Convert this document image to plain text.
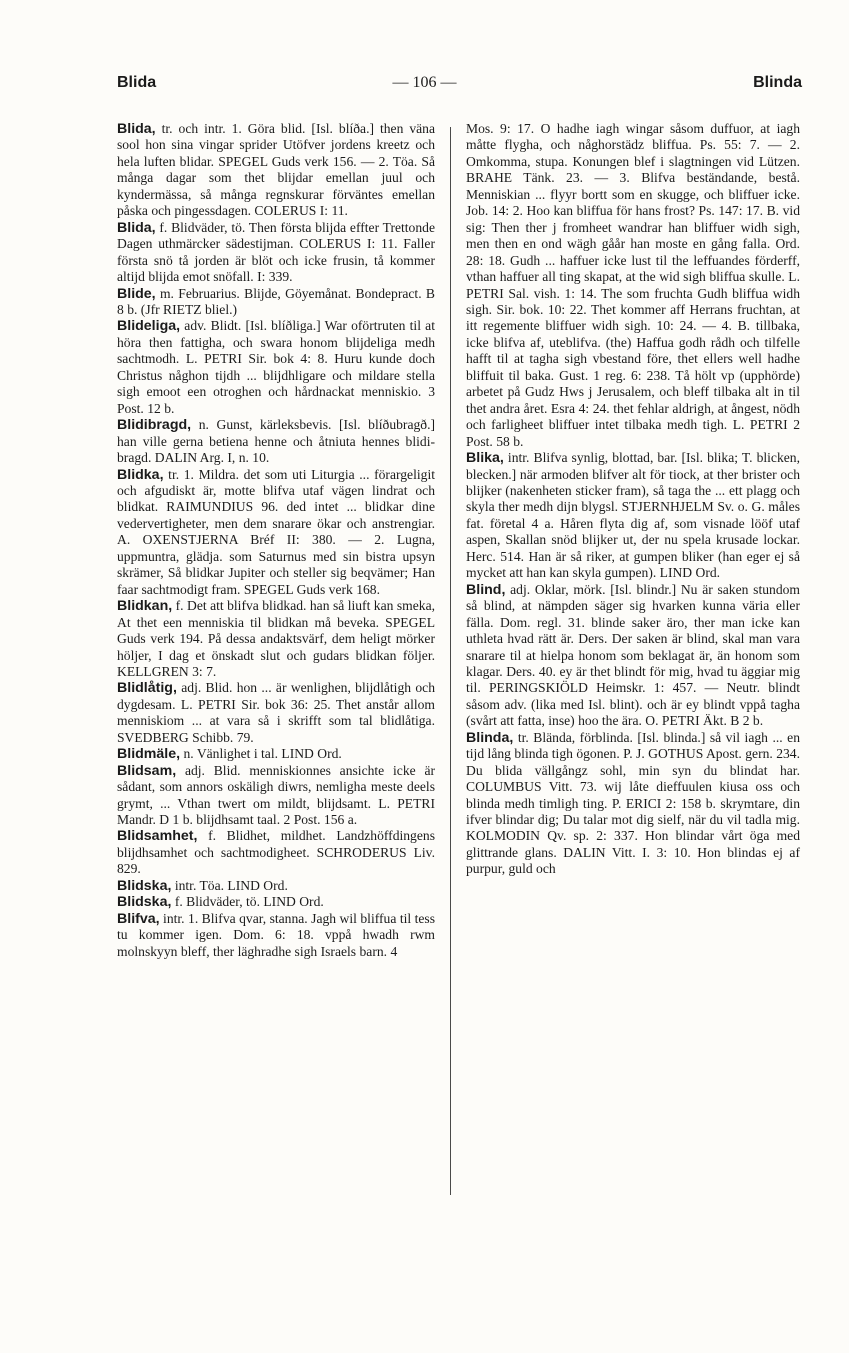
Blida	— 106 —	Blinda

Blida, tr. och intr. 1. Göra blid. [Isl. blíða.] then väna sool hon sina vingar sprider Utöfver jordens kreetz och hela luften blidar. SPEGEL Guds verk 156. — 2. Töa. Så många dagar som thet blijdar emellan juul och kyndermässa, så många regnskurar förväntes emellan påska och pingessdagen. COLERUS I: 11.

Blida, f. Blidväder, tö. Then första blijda effter Trettonde Dagen uthmärcker sädestijman. COLERUS I: 11. Faller första snö tå jorden är blöt och icke frusin, tå kommer altijd blijda emot snöfall. I: 339.

Blide, m. Februarius. Blijde, Göyemånat. Bondepract. B 8 b. (Jfr RIETZ bliel.)

Blideliga, adv. Blidt. [Isl. blíðliga.] War oförtruten til at höra then fattigha, och swara honom blijdeliga medh sachtmodh. L. PETRI Sir. bok 4: 8. Huru kunde doch Christus någhon tijdh ... blijdhligare och mildare stella sigh emoot een otroghen och hårdnackat menniskio. 3 Post. 12 b.

Blidibragd, n. Gunst, kärleksbevis. [Isl. blíðubragð.] han ville gerna betiena henne och åtniuta hennes blidi-bragd. DALIN Arg. I, n. 10.

Blidka, tr. 1. Mildra. det som uti Liturgia ... förargeligit och afgudiskt är, motte blifva utaf vägen lindrat och blidkat. RAIMUNDIUS 96. ded intet ... blidkar dine vedervertigheter, men dem snarare ökar och anstrengiar. A. OXENSTJERNA Bréf II: 380. — 2. Lugna, uppmuntra, glädja. som Saturnus med sin bistra upsyn skrämer, Så blidkar Jupiter och steller sig beqvämer; Han faar sachtmodigt fram. SPEGEL Guds verk 168.

Blidkan, f. Det att blifva blidkad. han så liuft kan smeka, At thet een menniskia til blidkan må beveka. SPEGEL Guds verk 194. På dessa andaktsvärf, dem heligt mörker höljer, I dag et önskadt slut och gudars blidkan följer. KELLGREN 3: 7.

Blidlåtig, adj. Blid. hon ... är wenlighen, blijdlåtigh och dygdesam. L. PETRI Sir. bok 36: 25. Thet anstår allom menniskiom ... at vara så i skrifft som tal blidlåtiga. SVEDBERG Schibb. 79.

Blidmäle, n. Vänlighet i tal. LIND Ord.

Blidsam, adj. Blid. menniskionnes ansichte icke är sådant, som annors oskäligh diwrs, nemligha meste deels grymt, ... Vthan twert om mildt, blijdsamt. L. PETRI Mandr. D 1 b. blijdhsamt taal. 2 Post. 156 a.

Blidsamhet, f. Blidhet, mildhet. Landzhöffdingens blijdhsamhet och sachtmodigheet. SCHRODERUS Liv. 829.

Blidska, intr. Töa. LIND Ord.

Blidska, f. Blidväder, tö. LIND Ord.

Blifva, intr. 1. Blifva qvar, stanna. Jagh wil bliffua til tess tu kommer igen. Dom. 6: 18. vppå hwadh rwm molnskyyn bleff, ther läghradhe sigh Israels barn. 4

Mos. 9: 17. O hadhe iagh wingar såsom duffuor, at iagh måtte flygha, och någhorstädz bliffua. Ps. 55: 7. — 2. Omkomma, stupa. Konungen blef i slagtningen vid Lützen. BRAHE Tänk. 23. — 3. Blifva beständande, bestå. Menniskian ... flyyr bortt som en skugge, och bliffuer icke. Job. 14: 2. Hoo kan bliffua för hans frost? Ps. 147: 17. B. vid sig: Then ther j fromheet wandrar han bliffuer widh sigh, men then en ond wägh gåår han moste en gång falla. Ord. 28: 18. Gudh ... haffuer icke lust til the leffuandes förderff, vthan haffuer all ting skapat, at the wid sigh bliffua skulle. L. PETRI Sal. vish. 1: 14. The som fruchta Gudh bliffua widh sigh. Sir. bok. 10: 22. Thet kommer aff Herrans fruchtan, at itt regemente bliffuer widh sigh. 10: 24. — 4. B. tillbaka, icke blifva af, uteblifva. (the) Haffua godh rådh och tilfelle hafft til at tagha sigh vbestand före, thet ellers well hadhe bliffuit til baka. Gust. 1 reg. 6: 238. Tå hölt vp (upphörde) arbetet på Gudz Hws j Jerusalem, och bleff tilbaka alt in til thet andra året. Esra 4: 24. thet fehlar aldrigh, at ångest, nödh och farligheet bliffuer intet tilbaka medh tigh. L. PETRI 2 Post. 58 b.

Blika, intr. Blifva synlig, blottad, bar. [Isl. blika; T. blicken, blecken.] när armoden blifver alt för tiock, at ther brister och blijker (nakenheten sticker fram), så taga the ... ett plagg och skyla ther medh dijn blygsl. STJERNHJELM Sv. o. G. måles fat. företal 4 a. Håren flyta dig af, som visnade lööf utaf aspen, Skallan snöd blijker ut, der nu spela krusade lockar. Herc. 514. Han är så riker, at gumpen bliker (han eger ej så mycket att han kan skyla gumpen). LIND Ord.

Blind, adj. Oklar, mörk. [Isl. blindr.] Nu är saken stundom så blind, at nämpden säger sig hvarken kunna väria eller fälla. Dom. regl. 31. blinde saker äro, ther man icke kan uthleta hvad rätt är. Ders. Der saken är blind, skal man vara snarare til at hielpa honom som beklagat är, än honom som klagar. Ders. 40. ey är thet blindt för mig, hvad tu äggiar mig til. PERINGSKIÖLD Heimskr. 1: 457. — Neutr. blindt såsom adv. (lika med Isl. blint). och är ey blindt vppå tagha (svårt att fatta, inse) hoo the ära. O. PETRI Äkt. B 2 b.

Blinda, tr. Blända, förblinda. [Isl. blinda.] så vil iagh ... en tijd lång blinda tigh ögonen. P. J. GOTHUS Apost. gern. 234. Du blida vällgångz sohl, min syn du blindat har. COLUMBUS Vitt. 73. wij låte dieffuulen kiusa oss och blinda medh timligh ting. P. ERICI 2: 158 b. skrymtare, din ifver blindar dig; Du talar mot dig sielf, när du vil tadla mig. KOLMODIN Qv. sp. 2: 337. Hon blindar vårt öga med glittrande glans. DALIN Vitt. I. 3: 10. Hon blindas ej af purpur, guld och
